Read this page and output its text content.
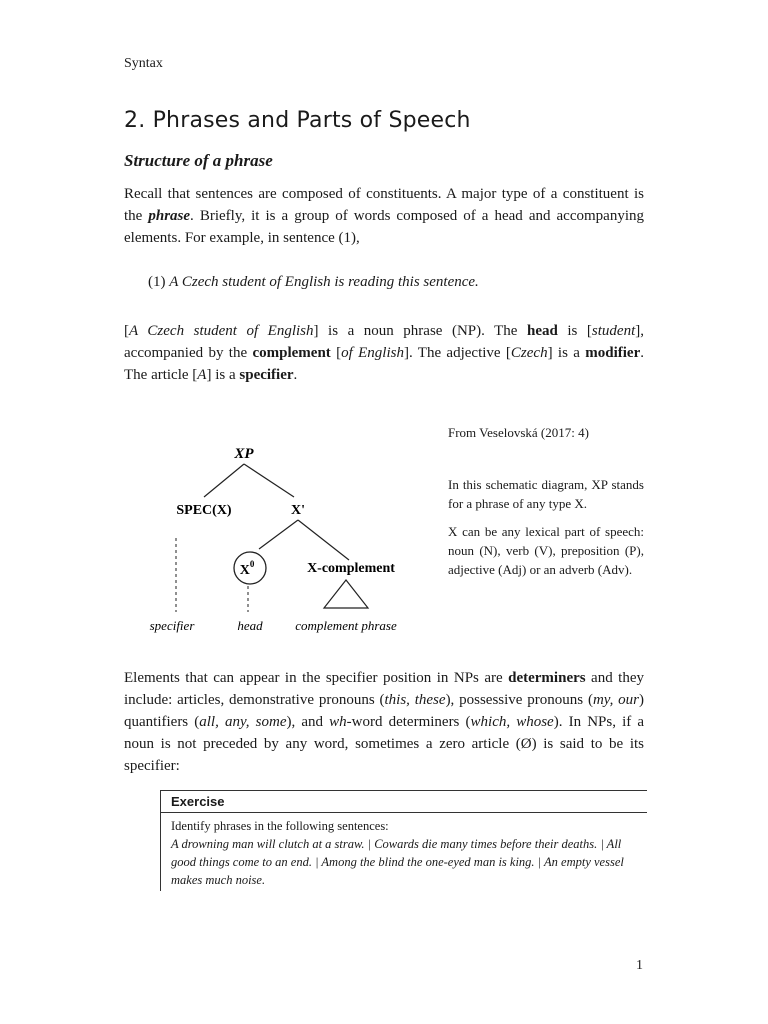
Syntax
2. Phrases and Parts of Speech
Structure of a phrase

Recall that sentences are composed of constituents. A major type of a constituent is the phrase. Briefly, it is a group of words composed of a head and accompanying elements. For example, in sentence (1),

(1) A Czech student of English is reading this sentence.

[A Czech student of English] is a noun phrase (NP). The head is [student], accompanied by the complement [of English]. The adjective [Czech] is a modifier. The article [A] is a specifier.

XP
SPEC(X)	X'
$X^0$	X-complement
specifier	head	complement phrase

From Veselovská (2017: 4)

In this schematic diagram, XP stands for a phrase of any type X.

X can be any lexical part of speech: noun (N), verb (V), preposition (P), adjective (Adj) or an adverb (Adv).

Elements that can appear in the specifier position in NPs are determiners and they include: articles, demonstrative pronouns (this, these), possessive pronouns (my, our) quantifiers (all, any, some), and wh-word determiners (which, whose). In NPs, if a noun is not preceded by any word, sometimes a zero article (Ø) is said to be its specifier:

Exercise
Identify phrases in the following sentences:
A drowning man will clutch at a straw. | Cowards die many times before their deaths. | All good things come to an end. | Among the blind the one-eyed man is king. | An empty vessel makes much noise.
1
